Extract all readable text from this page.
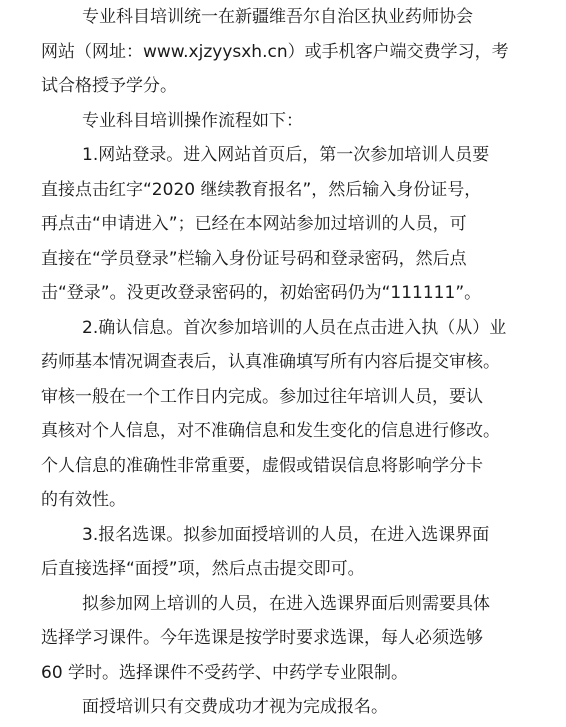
专业科目培训统一在新疆维吾尔自治区执业药师协会
网站（网址：www.xjzyysxh.cn）或手机客户端交费学习，考
试合格授予学分。
专业科目培训操作流程如下：
1.网站登录。进入网站首页后，第一次参加培训人员要
直接点击红字“2020 继续教育报名”，然后输入身份证号，
再点击“申请进入”；已经在本网站参加过培训的人员，可
直接在“学员登录”栏输入身份证号码和登录密码，然后点
击“登录”。没更改登录密码的，初始密码仍为“111111”。
2.确认信息。首次参加培训的人员在点击进入执（从）业
药师基本情况调查表后，认真准确填写所有内容后提交审核。
审核一般在一个工作日内完成。参加过往年培训人员，要认
真核对个人信息，对不准确信息和发生变化的信息进行修改。
个人信息的准确性非常重要，虚假或错误信息将影响学分卡
的有效性。
3.报名选课。拟参加面授培训的人员，在进入选课界面
后直接选择“面授”项，然后点击提交即可。
拟参加网上培训的人员，在进入选课界面后则需要具体
选择学习课件。今年选课是按学时要求选课，每人必须选够
60 学时。选择课件不受药学、中药学专业限制。
面授培训只有交费成功才视为完成报名。
